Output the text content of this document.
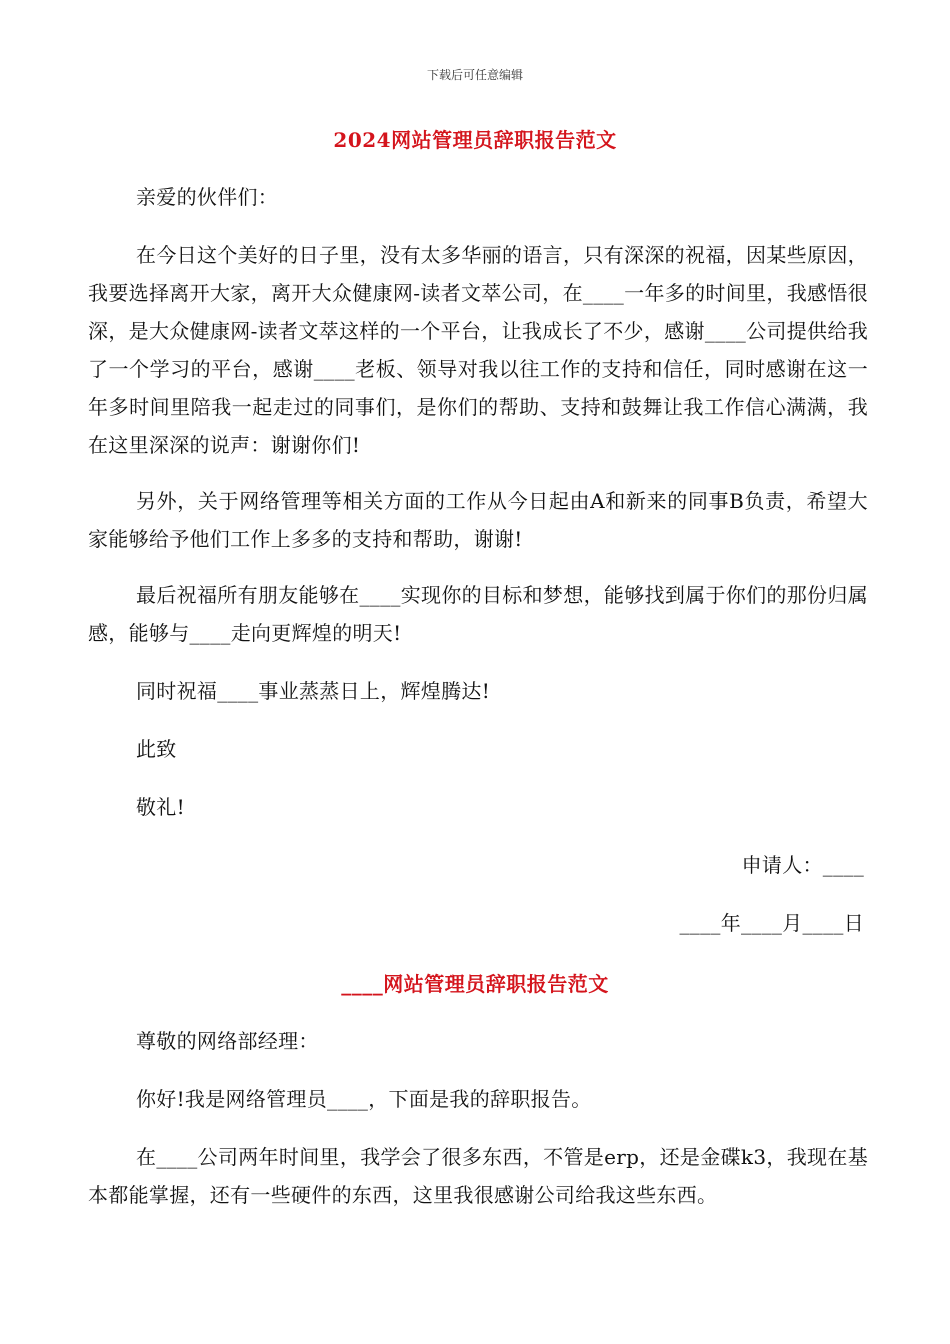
下载后可任意编辑
2024网站管理员辞职报告范文
亲爱的伙伴们：
在今日这个美好的日子里，没有太多华丽的语言，只有深深的祝福，因某些原因，我要选择离开大家，离开大众健康网-读者文萃公司，在____一年多的时间里，我感悟很深，是大众健康网-读者文萃这样的一个平台，让我成长了不少，感谢____公司提供给我了一个学习的平台，感谢____老板、领导对我以往工作的支持和信任，同时感谢在这一年多时间里陪我一起走过的同事们，是你们的帮助、支持和鼓舞让我工作信心满满，我在这里深深的说声：谢谢你们!
另外，关于网络管理等相关方面的工作从今日起由A和新来的同事B负责，希望大家能够给予他们工作上多多的支持和帮助，谢谢!
最后祝福所有朋友能够在____实现你的目标和梦想，能够找到属于你们的那份归属感，能够与____走向更辉煌的明天!
同时祝福____事业蒸蒸日上，辉煌腾达!
此致
敬礼!
申请人：____
____年____月____日
____网站管理员辞职报告范文
尊敬的网络部经理：
你好!我是网络管理员____，下面是我的辞职报告。
在____公司两年时间里，我学会了很多东西，不管是erp，还是金碟k3，我现在基本都能掌握，还有一些硬件的东西，这里我很感谢公司给我这些东西。
